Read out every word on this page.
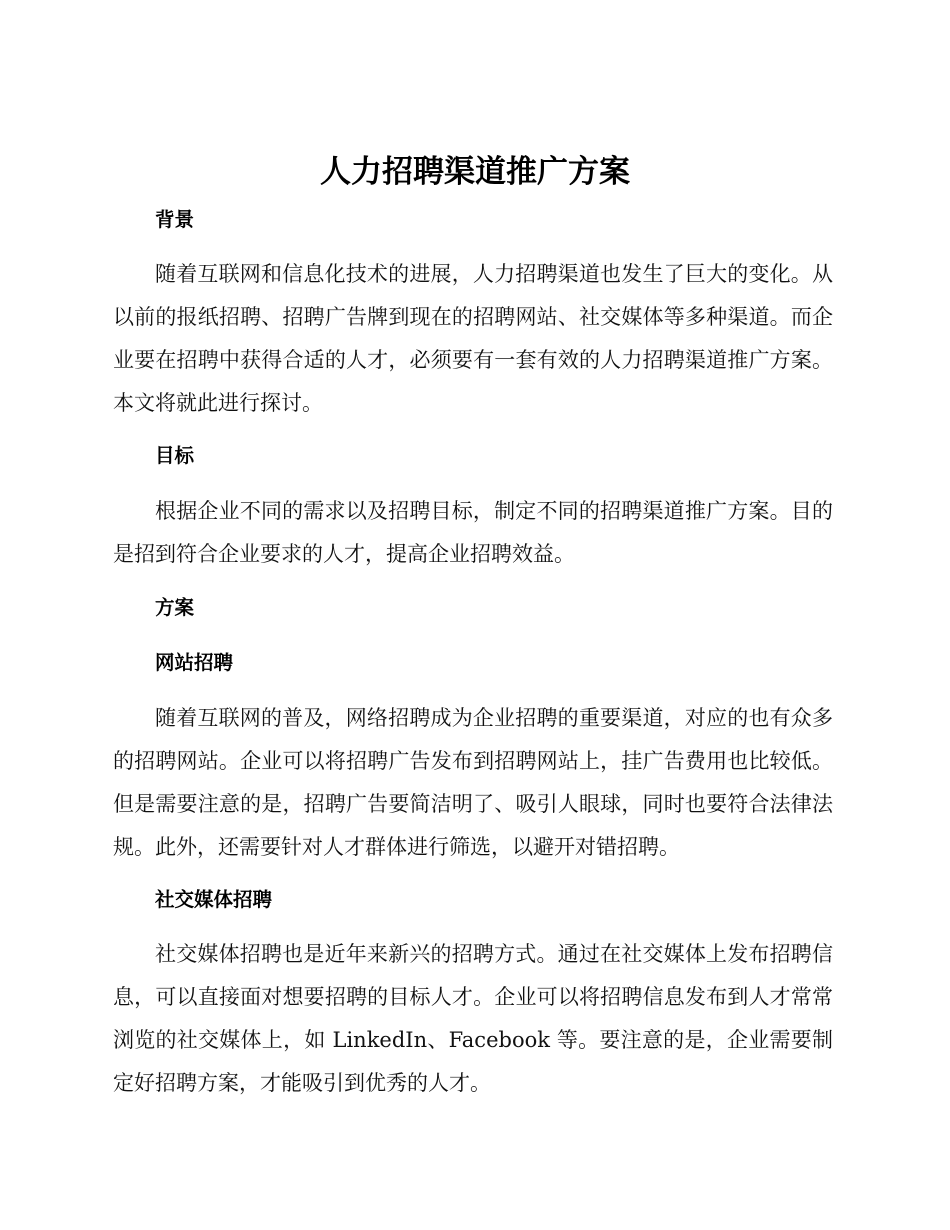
人力招聘渠道推广方案
背景

随着互联网和信息化技术的进展，人力招聘渠道也发生了巨大的变化。从以前的报纸招聘、招聘广告牌到现在的招聘网站、社交媒体等多种渠道。而企业要在招聘中获得合适的人才，必须要有一套有效的人力招聘渠道推广方案。本文将就此进行探讨。

目标

根据企业不同的需求以及招聘目标，制定不同的招聘渠道推广方案。目的是招到符合企业要求的人才，提高企业招聘效益。

方案
网站招聘

随着互联网的普及，网络招聘成为企业招聘的重要渠道，对应的也有众多的招聘网站。企业可以将招聘广告发布到招聘网站上，挂广告费用也比较低。但是需要注意的是，招聘广告要简洁明了、吸引人眼球，同时也要符合法律法规。此外，还需要针对人才群体进行筛选，以避开对错招聘。

社交媒体招聘

社交媒体招聘也是近年来新兴的招聘方式。通过在社交媒体上发布招聘信息，可以直接面对想要招聘的目标人才。企业可以将招聘信息发布到人才常常浏览的社交媒体上，如 LinkedIn、Facebook 等。要注意的是，企业需要制定好招聘方案，才能吸引到优秀的人才。
